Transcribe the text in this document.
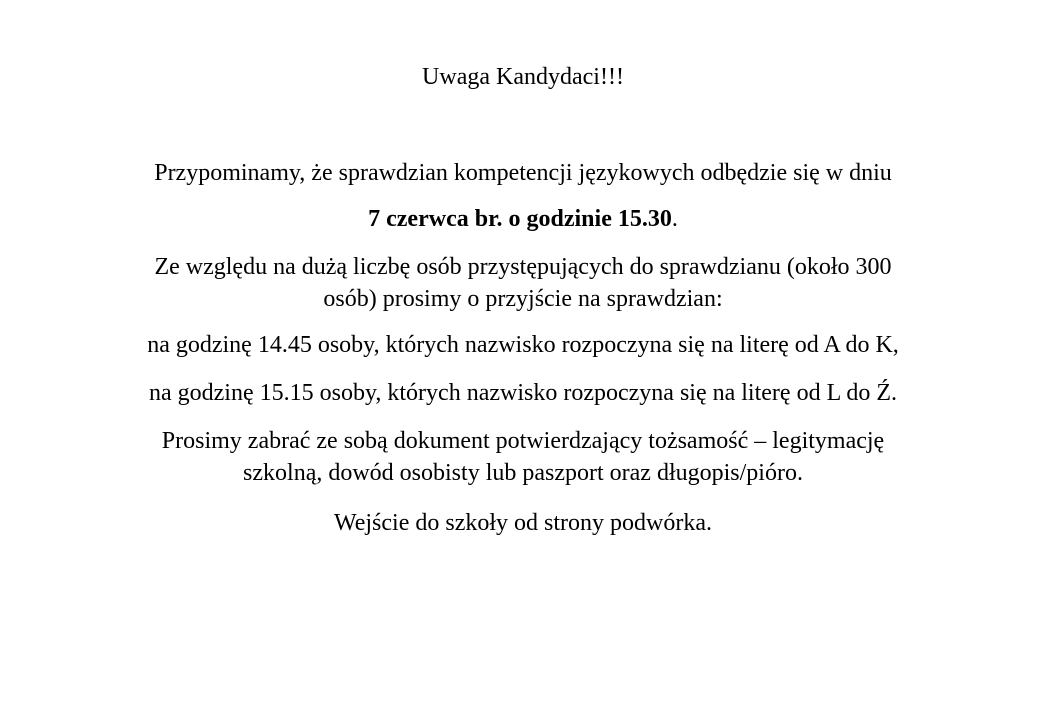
Uwaga Kandydaci!!!
Przypominamy, że sprawdzian kompetencji językowych odbędzie się w dniu
7 czerwca br. o godzinie 15.30.
Ze względu na dużą liczbę osób przystępujących do sprawdzianu (około 300
osób) prosimy o przyjście na sprawdzian:
na godzinę 14.45 osoby, których nazwisko rozpoczyna się na literę od A do K,
na godzinę 15.15 osoby, których nazwisko rozpoczyna się na literę od L do Ź.
Prosimy zabrać ze sobą dokument potwierdzający tożsamość – legitymację
szkolną, dowód osobisty lub paszport oraz długopis/pióro.
Wejście do szkoły od strony podwórka.
